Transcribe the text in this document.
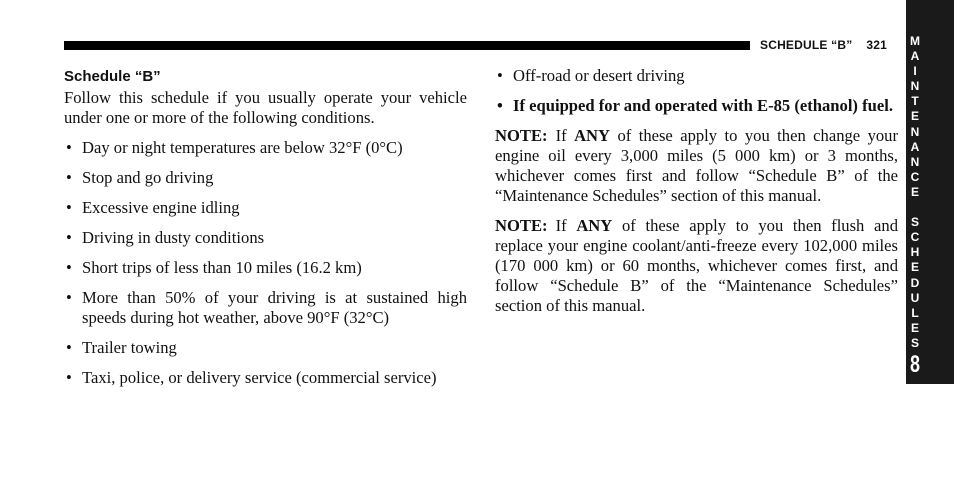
SCHEDULE “B” 321 M
A
I
N
T
E
N
A
N
C
E
S
C
H
E
D
U
L
E
S
8
Schedule “B”

Follow this schedule if you usually operate your vehicle under one or more of the following conditions.

• Day or night temperatures are below 32°F (0°C)
• Stop and go driving
• Excessive engine idling
• Driving in dusty conditions
• Short trips of less than 10 miles (16.2 km)
• More than 50% of your driving is at sustained high speeds during hot weather, above 90°F (32°C)
• Trailer towing
• Taxi, police, or delivery service (commercial service)
• Off-road or desert driving
• If equipped for and operated with E-85 (ethanol) fuel.

NOTE: If ANY of these apply to you then change your engine oil every 3,000 miles (5 000 km) or 3 months, whichever comes first and follow “Schedule B” of the “Maintenance Schedules” section of this manual.

NOTE: If ANY of these apply to you then flush and replace your engine coolant/anti-freeze every 102,000 miles (170 000 km) or 60 months, whichever comes first, and follow “Schedule B” of the “Maintenance Schedules” section of this manual.
